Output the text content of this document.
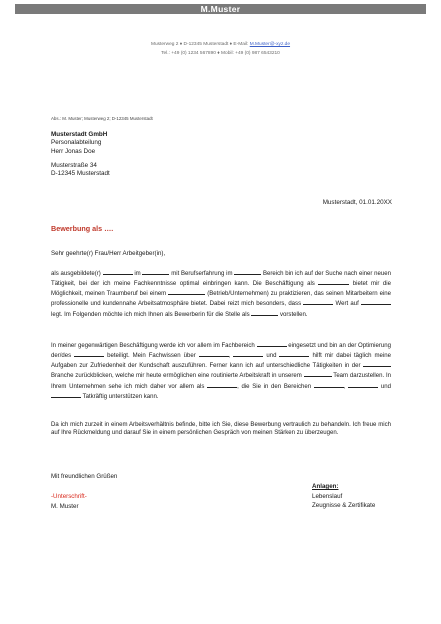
M.Muster
Musterweg 2 ♦ D-12345 Musterstadt ♦ E-Mail: M.Muster@-xyz.de
Tel.: +49 (0) 1234 567890 ♦ Mobil: +49 (0) 987 6543210
Abs.: M. Muster; Musterweg 2; D-12345 Musterstadt
Musterstadt GmbH
Personalabteilung
Herr Jonas Doe
Musterstraße 34
D-12345 Musterstadt
Musterstadt, 01.01.20XX
Bewerbung als ….
Sehr geehrte(r) Frau/Herr Arbeitgeber(in),
als ausgebildete(r)	im	mit Berufserfahrung im	Bereich bin ich auf der Suche nach einer neuen Tätigkeit, bei der ich meine Fachkenntnisse optimal einbringen kann. Die Beschäftigung als	bietet mir die Möglichkeit, meinen Traumberuf bei einem	(Betrieb/Unternehmen) zu praktizieren, das seinen Mitarbeitern eine professionelle und kundennahe Arbeitsatmosphäre bietet. Dabei reizt mich besonders, dass	Wert auf  legt. Im Folgenden möchte ich mich Ihnen als Bewerberin für die Stelle als	vorstellen.
In meiner gegenwärtigen Beschäftigung werde ich vor allem im Fachbereich	eingesetzt und bin an der Optimierung der/des	beteiligt. Mein Fachwissen über	,	und	hilft mir dabei täglich meine Aufgaben zur Zufriedenheit der Kundschaft auszuführen. Ferner kann ich auf unterschiedliche Tätigkeiten in der  Branche zurückblicken, welche mir heute ermöglichen eine routinierte Arbeitskraft in unserem	Team darzustellen. In Ihrem Unternehmen sehe ich mich daher vor allem als	, die Sie in den Bereichen	,	und  Tatkräftig unterstützen kann.
Da ich mich zurzeit in einem Arbeitsverhältnis befinde, bitte ich Sie, diese Bewerbung vertraulich zu behandeln. Ich freue mich auf Ihre Rückmeldung und darauf Sie in einem persönlichen Gespräch von meinen Stärken zu überzeugen.
Mit freundlichen Grüßen
-Unterschrift-
M. Muster
Anlagen:
Lebenslauf
Zeugnisse & Zertifikate
